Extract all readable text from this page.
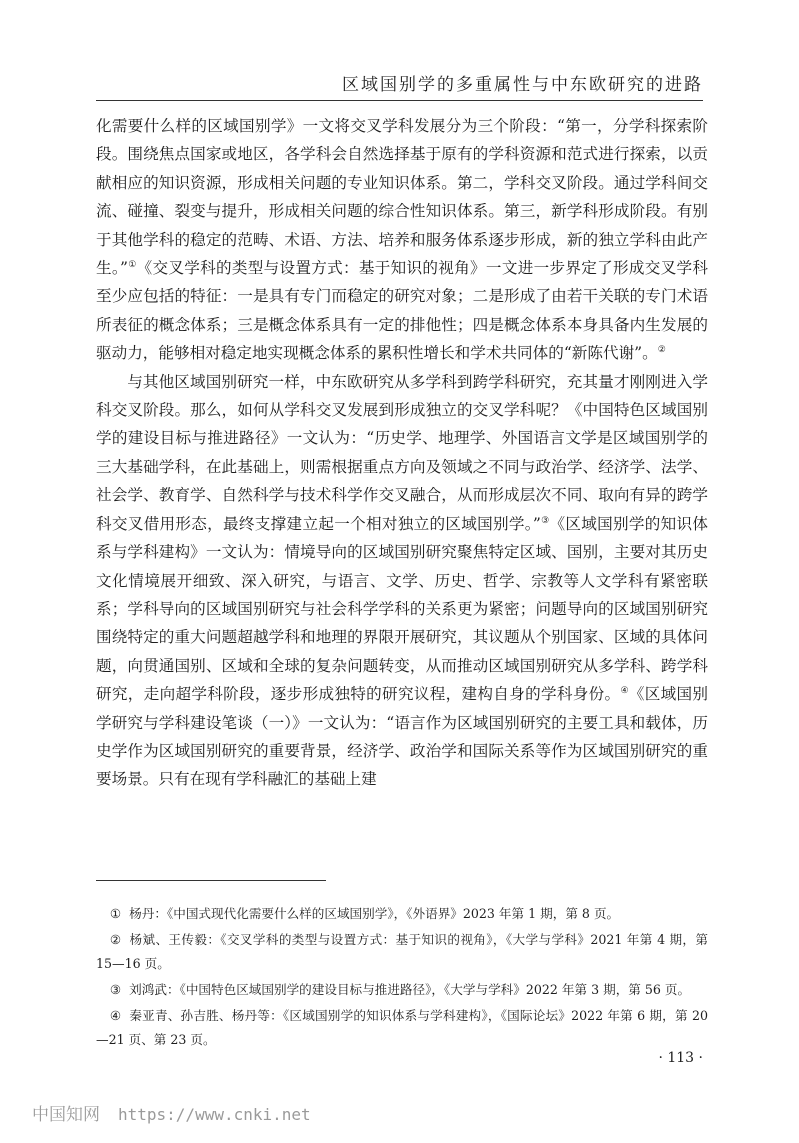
区域国别学的多重属性与中东欧研究的进路

化需要什么样的区域国别学》一文将交叉学科发展分为三个阶段：“第一，分学科探索阶段。围绕焦点国家或地区，各学科会自然选择基于原有的学科资源和范式进行探索，以贡献相应的知识资源，形成相关问题的专业知识体系。第二，学科交叉阶段。通过学科间交流、碰撞、裂变与提升，形成相关问题的综合性知识体系。第三，新学科形成阶段。有别于其他学科的稳定的范畴、术语、方法、培养和服务体系逐步形成，新的独立学科由此产生。”①《交叉学科的类型与设置方式：基于知识的视角》一文进一步界定了形成交叉学科至少应包括的特征：一是具有专门而稳定的研究对象；二是形成了由若干关联的专门术语所表征的概念体系；三是概念体系具有一定的排他性；四是概念体系本身具备内生发展的驱动力，能够相对稳定地实现概念体系的累积性增长和学术共同体的“新陈代谢”。②

与其他区域国别研究一样，中东欧研究从多学科到跨学科研究，充其量才刚刚进入学科交叉阶段。那么，如何从学科交叉发展到形成独立的交叉学科呢？《中国特色区域国别学的建设目标与推进路径》一文认为：“历史学、地理学、外国语言文学是区域国别学的三大基础学科，在此基础上，则需根据重点方向及领域之不同与政治学、经济学、法学、社会学、教育学、自然科学与技术科学作交叉融合，从而形成层次不同、取向有异的跨学科交叉借用形态，最终支撑建立起一个相对独立的区域国别学。”③《区域国别学的知识体系与学科建构》一文认为：情境导向的区域国别研究聚焦特定区域、国别，主要对其历史文化情境展开细致、深入研究，与语言、文学、历史、哲学、宗教等人文学科有紧密联系；学科导向的区域国别研究与社会科学学科的关系更为紧密；问题导向的区域国别研究围绕特定的重大问题超越学科和地理的界限开展研究，其议题从个别国家、区域的具体问题，向贯通国别、区域和全球的复杂问题转变，从而推动区域国别研究从多学科、跨学科研究，走向超学科阶段，逐步形成独特的研究议程，建构自身的学科身份。④《区域国别学研究与学科建设笔谈（一）》一文认为：“语言作为区域国别研究的主要工具和载体，历史学作为区域国别研究的重要背景，经济学、政治学和国际关系等作为区域国别研究的重要场景。只有在现有学科融汇的基础上建

① 杨丹：《中国式现代化需要什么样的区域国别学》，《外语界》2023 年第 1 期，第 8 页。

② 杨斌、王传毅：《交叉学科的类型与设置方式：基于知识的视角》，《大学与学科》2021 年第 4 期，第 15—16 页。

③ 刘鸿武：《中国特色区域国别学的建设目标与推进路径》，《大学与学科》2022 年第 3 期，第 56 页。

④ 秦亚青、孙吉胜、杨丹等：《区域国别学的知识体系与学科建构》，《国际论坛》2022 年第 6 期，第 20—21 页、第 23 页。

· 113 ·
中国知网 https://www.cnki.net
